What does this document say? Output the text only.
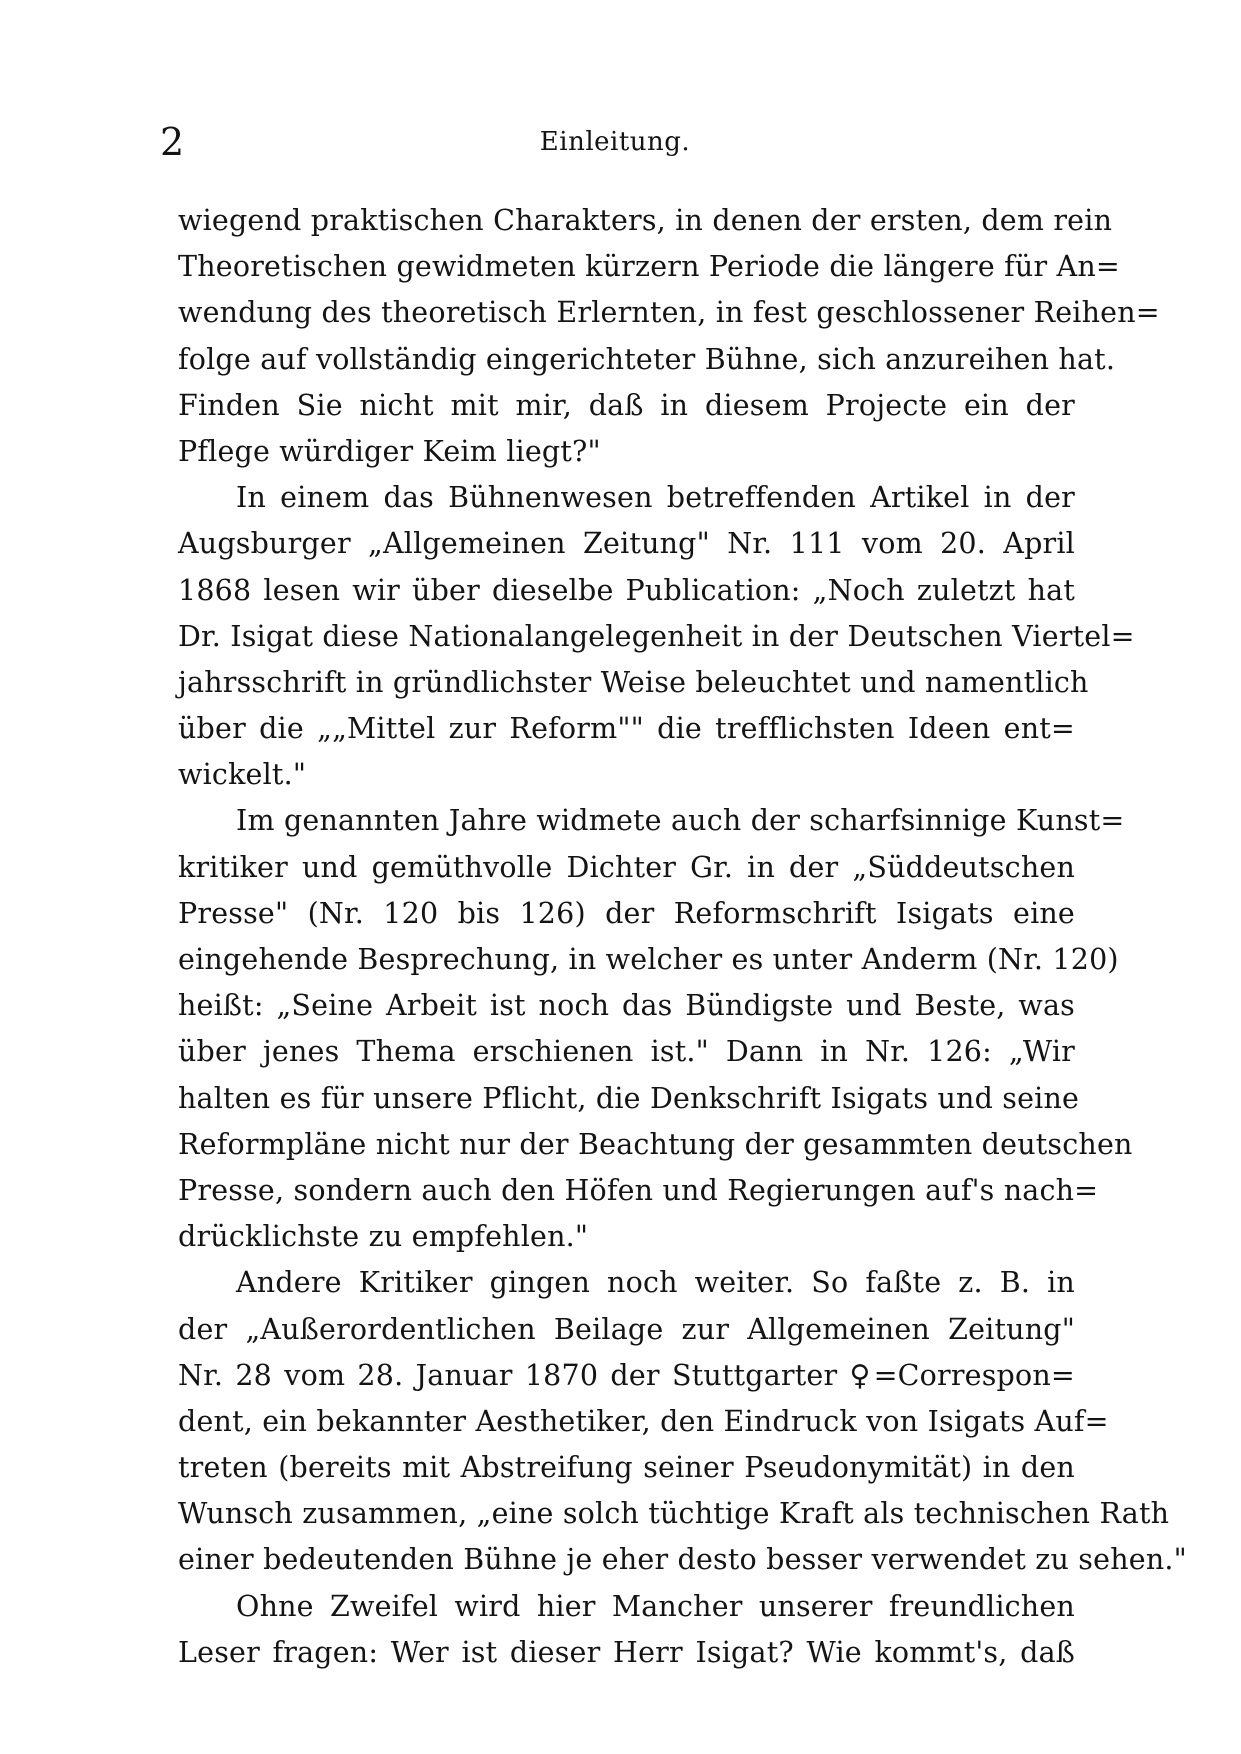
2	Einleitung.
wiegend praktischen Charakters, in denen der ersten, dem rein
Theoretischen gewidmeten kürzern Periode die längere für An=
wendung des theoretisch Erlernten, in fest geschlossener Reihen=
folge auf vollständig eingerichteter Bühne, sich anzureihen hat.
Finden Sie nicht mit mir, daß in diesem Projecte ein der
Pflege würdiger Keim liegt?"
In einem das Bühnenwesen betreffenden Artikel in der
Augsburger „Allgemeinen Zeitung" Nr. 111 vom 20. April
1868 lesen wir über dieselbe Publication: „Noch zuletzt hat
Dr. Isigat diese Nationalangelegenheit in der Deutschen Viertel=
jahrsschrift in gründlichster Weise beleuchtet und namentlich
über die „„Mittel zur Reform"" die trefflichsten Ideen ent=
wickelt."
Im genannten Jahre widmete auch der scharfsinnige Kunst=
kritiker und gemüthvolle Dichter Gr. in der „Süddeutschen
Presse" (Nr. 120 bis 126) der Reformschrift Isigats eine
eingehende Besprechung, in welcher es unter Anderm (Nr. 120)
heißt: „Seine Arbeit ist noch das Bündigste und Beste, was
über jenes Thema erschienen ist." Dann in Nr. 126: „Wir
halten es für unsere Pflicht, die Denkschrift Isigats und seine
Reformpläne nicht nur der Beachtung der gesammten deutschen
Presse, sondern auch den Höfen und Regierungen auf's nach=
drücklichste zu empfehlen."
Andere Kritiker gingen noch weiter. So faßte z. B. in
der „Außerordentlichen Beilage zur Allgemeinen Zeitung"
Nr. 28 vom 28. Januar 1870 der Stuttgarter ♀=Correspon=
dent, ein bekannter Aesthetiker, den Eindruck von Isigats Auf=
treten (bereits mit Abstreifung seiner Pseudonymität) in den
Wunsch zusammen, „eine solch tüchtige Kraft als technischen Rath
einer bedeutenden Bühne je eher desto besser verwendet zu sehen."
Ohne Zweifel wird hier Mancher unserer freundlichen
Leser fragen: Wer ist dieser Herr Isigat? Wie kommt's, daß
